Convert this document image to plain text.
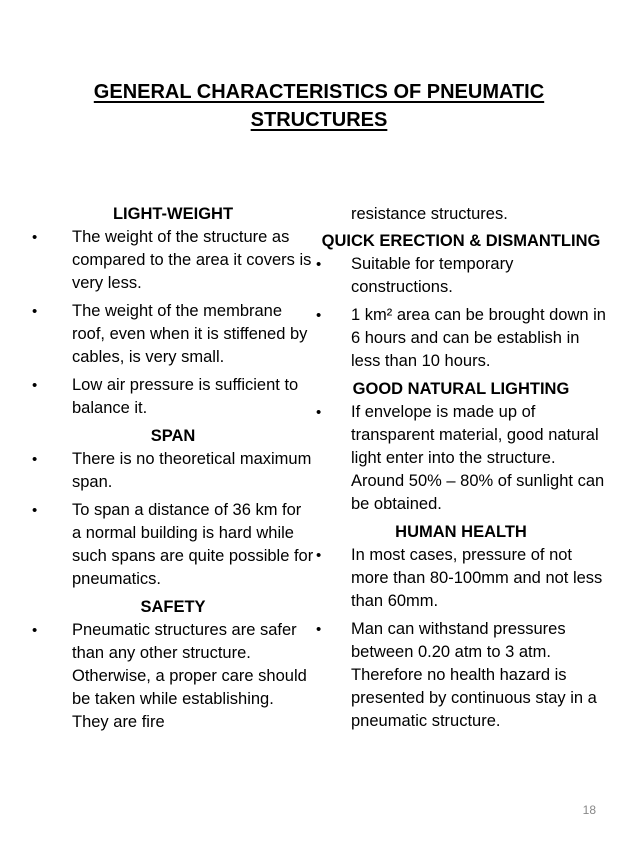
GENERAL CHARACTERISTICS OF PNEUMATIC STRUCTURES
LIGHT-WEIGHT
• The weight of the structure as compared to the area it covers is very less.
• The weight of the membrane roof, even when it is stiffened by cables, is very small.
• Low air pressure is sufficient to balance it.
SPAN
• There is no theoretical maximum span.
• To span a distance of 36 km for a normal building is hard while such spans are quite possible for pneumatics.
SAFETY
• Pneumatic structures are safer than any other structure. Otherwise, a proper care should be taken while establishing. They are fire
resistance structures.
QUICK ERECTION & DISMANTLING
• Suitable for temporary constructions.
• 1 km² area can be brought down in 6 hours and can be establish in less than 10 hours.
GOOD NATURAL LIGHTING
• If envelope is made up of transparent material, good natural light enter into the structure. Around 50% – 80% of sunlight can be obtained.
HUMAN HEALTH
• In most cases, pressure of not more than 80-100mm and not less than 60mm.
• Man can withstand pressures between 0.20 atm to 3 atm. Therefore no health hazard is presented by continuous stay in a pneumatic structure.
18
